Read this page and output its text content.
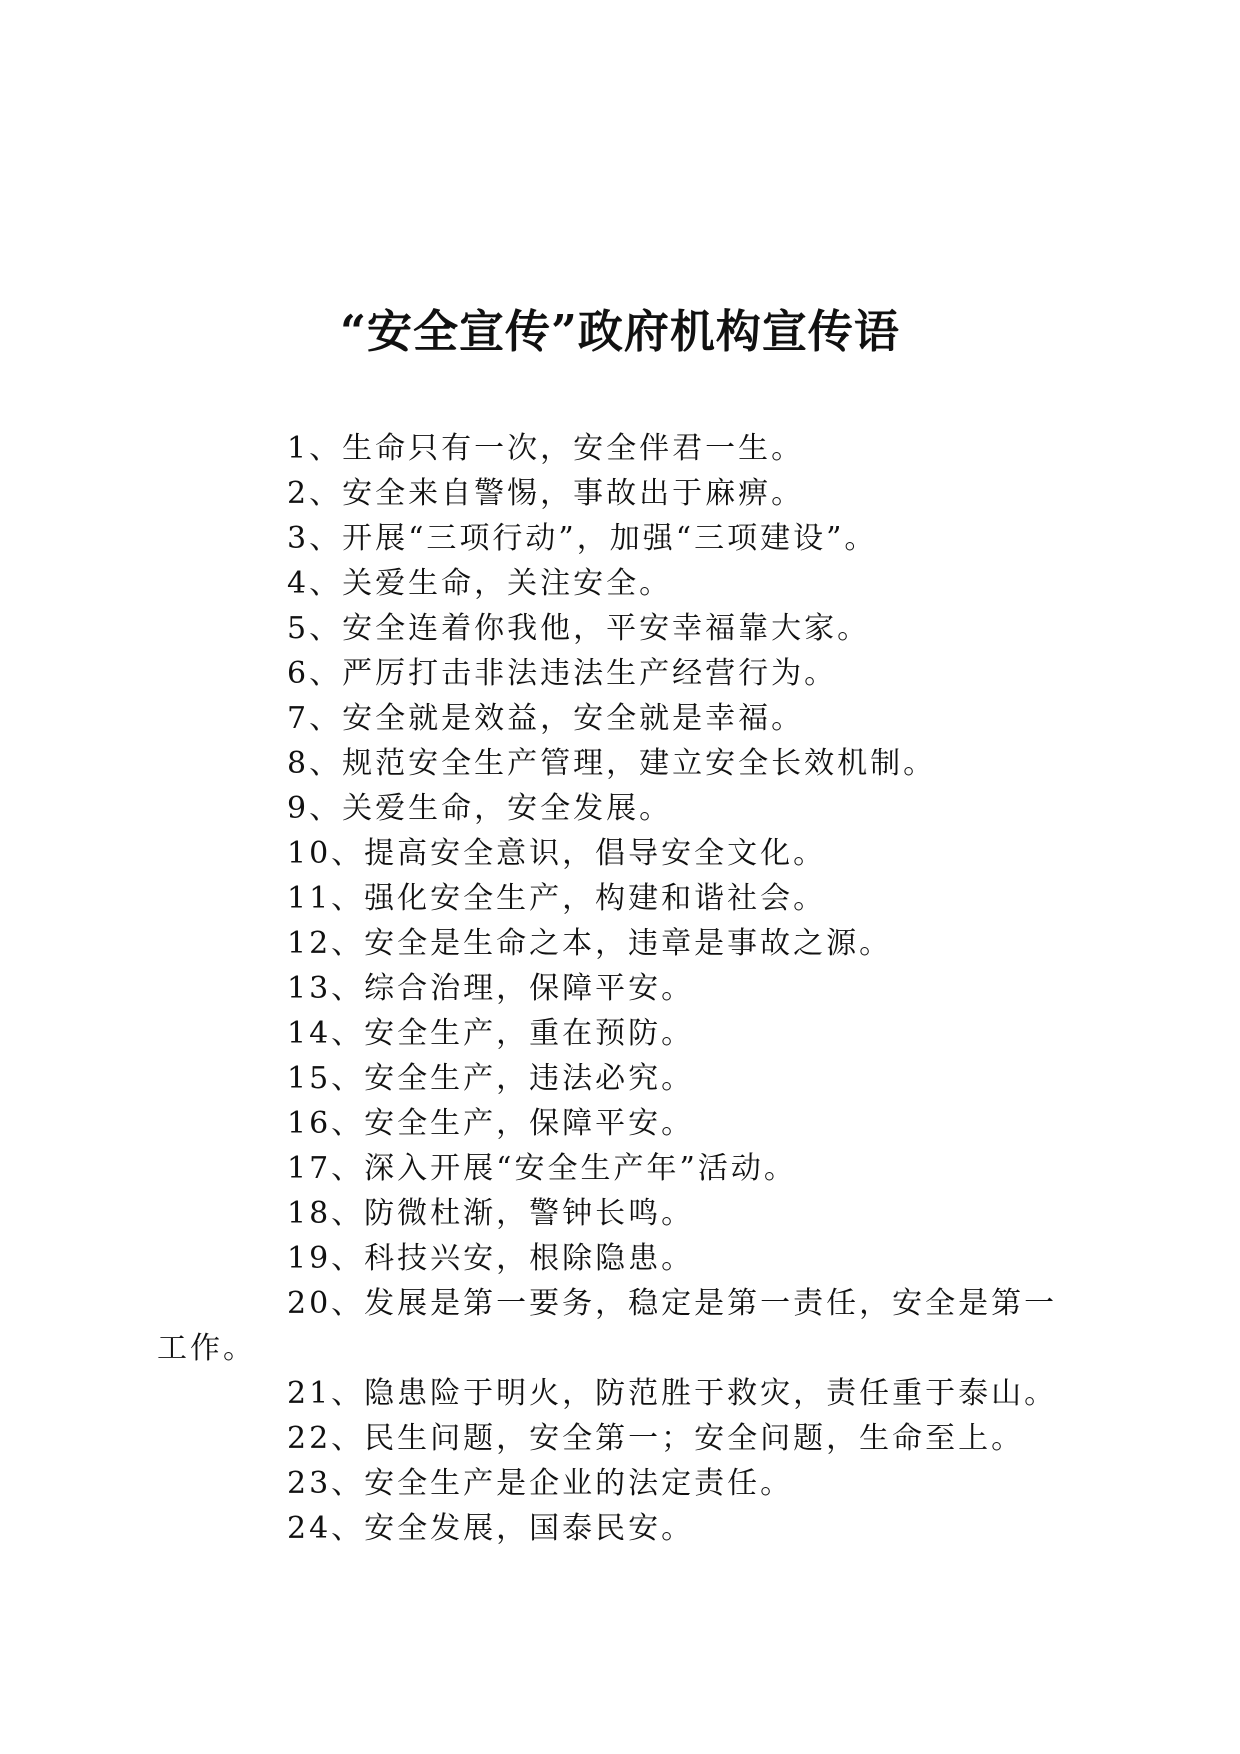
“安全宣传”政府机构宣传语
1、生命只有一次，安全伴君一生。
2、安全来自警惕，事故出于麻痹。
3、开展“三项行动”，加强“三项建设”。
4、关爱生命，关注安全。
5、安全连着你我他，平安幸福靠大家。
6、严厉打击非法违法生产经营行为。
7、安全就是效益，安全就是幸福。
8、规范安全生产管理，建立安全长效机制。
9、关爱生命，安全发展。
10、提高安全意识，倡导安全文化。
11、强化安全生产，构建和谐社会。
12、安全是生命之本，违章是事故之源。
13、综合治理，保障平安。
14、安全生产，重在预防。
15、安全生产，违法必究。
16、安全生产，保障平安。
17、深入开展“安全生产年”活动。
18、防微杜渐，警钟长鸣。
19、科技兴安，根除隐患。
20、发展是第一要务，稳定是第一责任，安全是第一工作。
21、隐患险于明火，防范胜于救灾，责任重于泰山。
22、民生问题，安全第一；安全问题，生命至上。
23、安全生产是企业的法定责任。
24、安全发展，国泰民安。
